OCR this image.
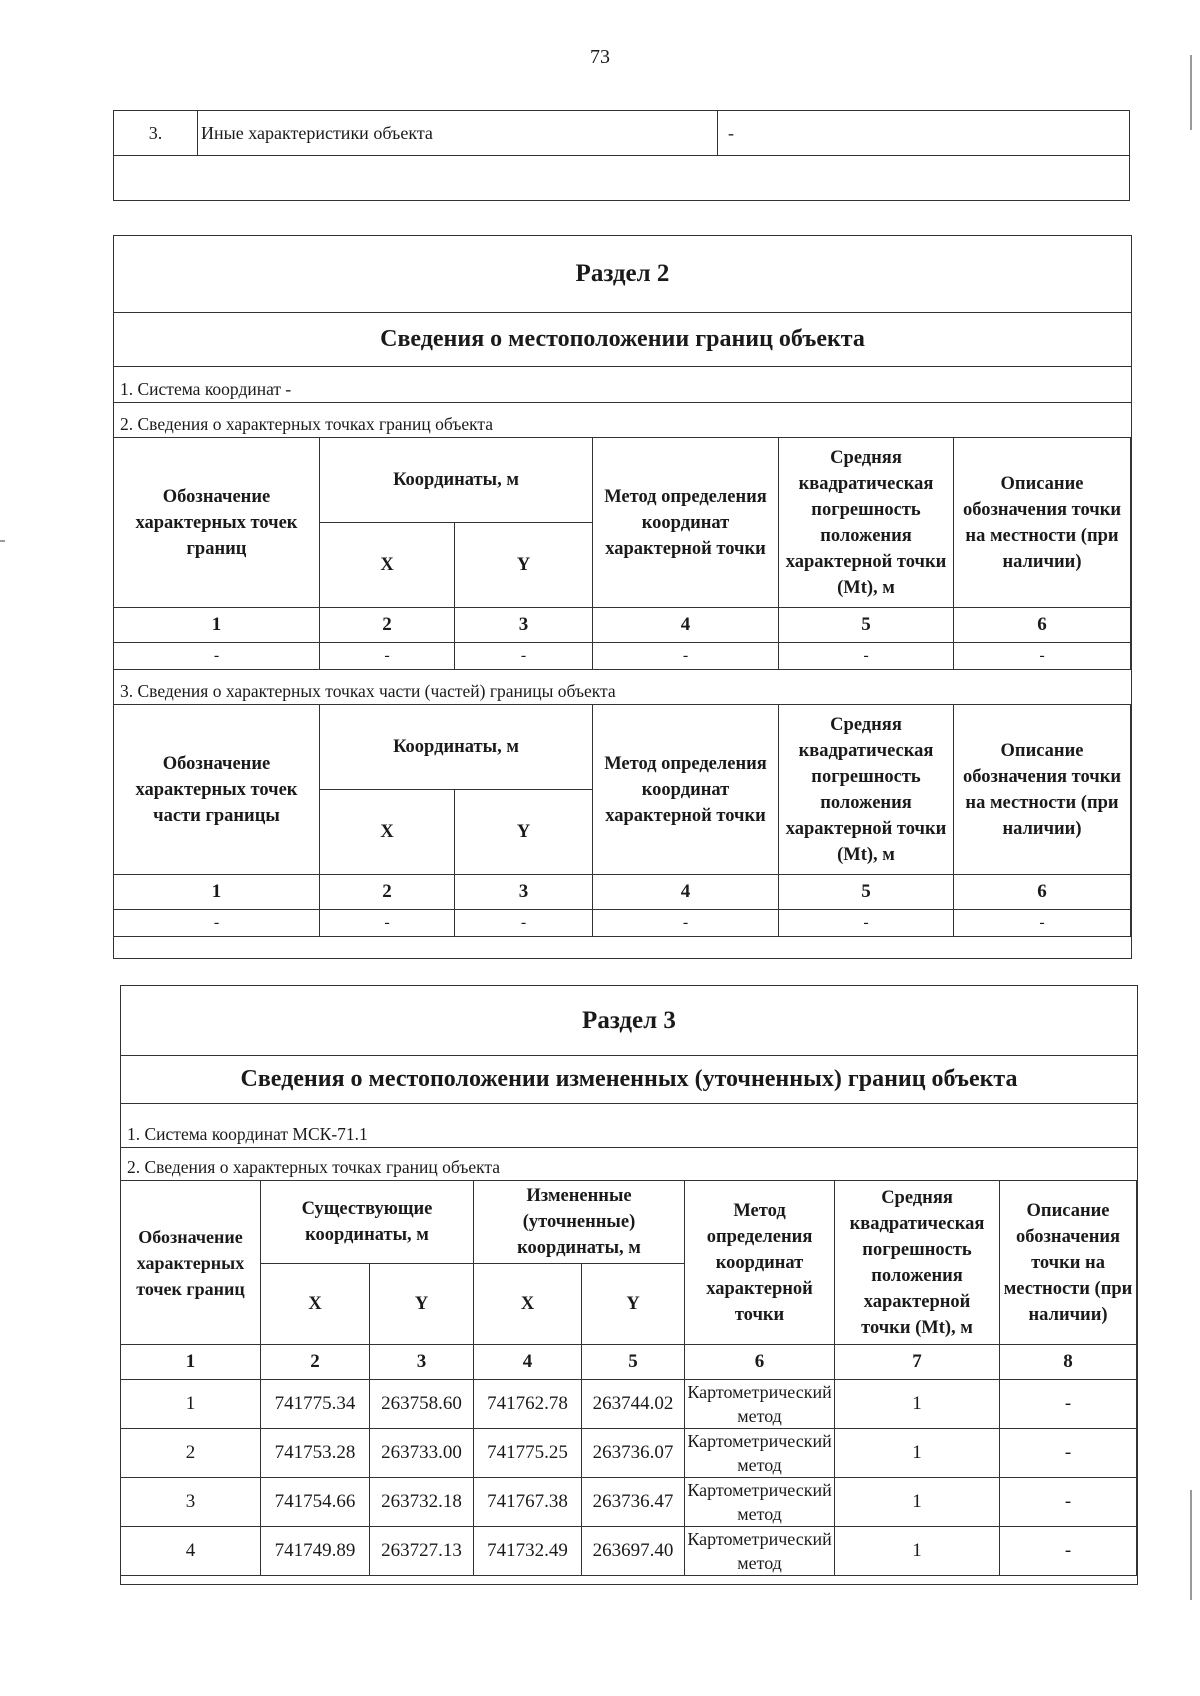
73
3.	Иные характеристики объекта	-

Раздел 2
Сведения о местоположении границ объекта
1. Система координат -
2. Сведения о характерных точках границ объекта
Обозначение характерных точек границ	Координаты, м		Метод определения координат характерной точки	Средняя квадратическая погрешность положения характерной точки (Mt), м	Описание обозначения точки на местности (при наличии)
	X	Y			
1	2	3	4	5	6
-	-	-	-	-	-
3. Сведения о характерных точках части (частей) границы объекта
Обозначение характерных точек части границы	Координаты, м		Метод определения координат характерной точки	Средняя квадратическая погрешность положения характерной точки (Mt), м	Описание обозначения точки на местности (при наличии)
	X	Y			
1	2	3	4	5	6
-	-	-	-	-	-
Раздел 3
Сведения о местоположении измененных (уточненных) границ объекта
1. Система координат МСК-71.1
2. Сведения о характерных точках границ объекта
Обозначение характерных точек границ	Существующие координаты, м		Измененные (уточненные) координаты, м		Метод определения координат характерной точки	Средняя квадратическая погрешность положения характерной точки (Mt), м	Описание обозначения точки на местности (при наличии)
	X	Y	X	Y			
1	2	3	4	5	6	7	8
1	741775.34	263758.60	741762.78	263744.02	Картометрический метод	1	-
2	741753.28	263733.00	741775.25	263736.07	Картометрический метод	1	-
3	741754.66	263732.18	741767.38	263736.47	Картометрический метод	1	-
4	741749.89	263727.13	741732.49	263697.40	Картометрический метод	1	-
